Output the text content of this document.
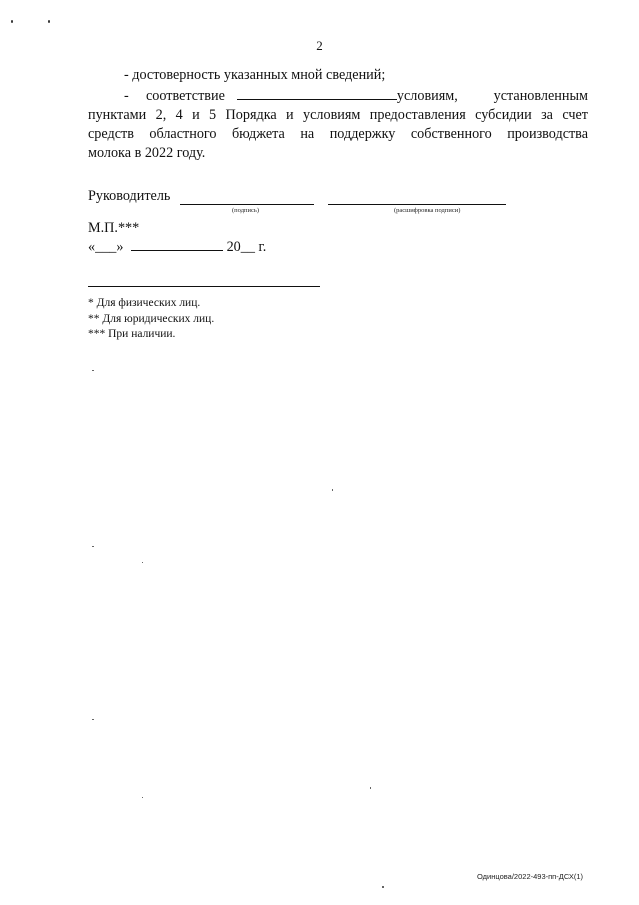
2
- достоверность указанных мной сведений;
-	соответствие	условиям,	установленным
пунктами 2, 4 и 5 Порядка и условиям предоставления субсидии за счет
средств областного бюджета на поддержку собственного производства
молока в 2022 году.
Руководитель
(подпись)	(расшифровка подписи)
М.П.***
«___»	20__ г.
* Для физических лиц.
** Для юридических лиц.
*** При наличии.
Одинцова/2022-493-пп-ДСХ(1)
